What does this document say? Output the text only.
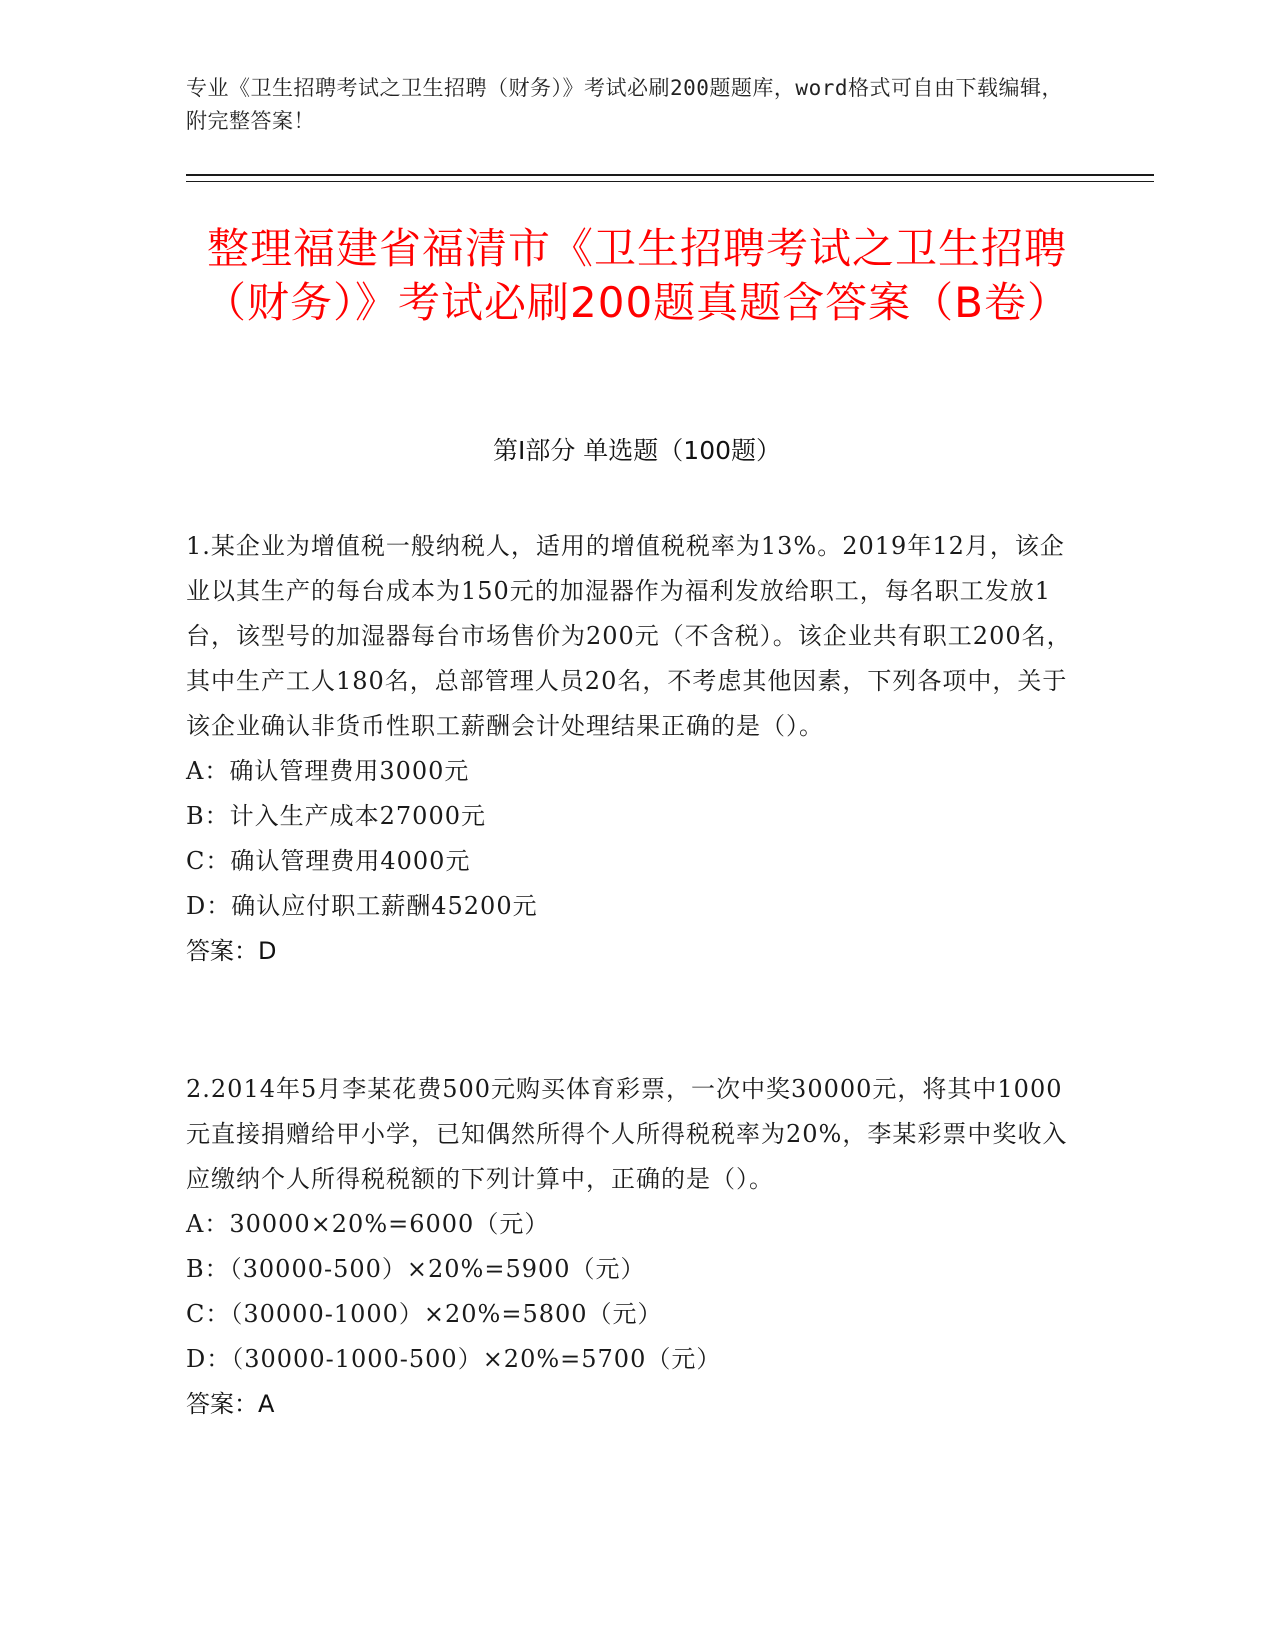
专业《卫生招聘考试之卫生招聘（财务）》考试必刷200题题库，word格式可自由下载编辑，附完整答案！
整理福建省福清市《卫生招聘考试之卫生招聘（财务）》考试必刷200题真题含答案（B卷）
第I部分 单选题（100题）
1.某企业为增值税一般纳税人，适用的增值税税率为13%。2019年12月，该企业以其生产的每台成本为150元的加湿器作为福利发放给职工，每名职工发放1台，该型号的加湿器每台市场售价为200元（不含税）。该企业共有职工200名，其中生产工人180名，总部管理人员20名，不考虑其他因素，下列各项中，关于该企业确认非货币性职工薪酬会计处理结果正确的是（）。
A：确认管理费用3000元
B：计入生产成本27000元
C：确认管理费用4000元
D：确认应付职工薪酬45200元
答案：D
2.2014年5月李某花费500元购买体育彩票，一次中奖30000元，将其中1000元直接捐赠给甲小学，已知偶然所得个人所得税税率为20%，李某彩票中奖收入应缴纳个人所得税税额的下列计算中，正确的是（）。
A：30000×20%=6000（元）
B：（30000-500）×20%=5900（元）
C：（30000-1000）×20%=5800（元）
D：（30000-1000-500）×20%=5700（元）
答案：A
